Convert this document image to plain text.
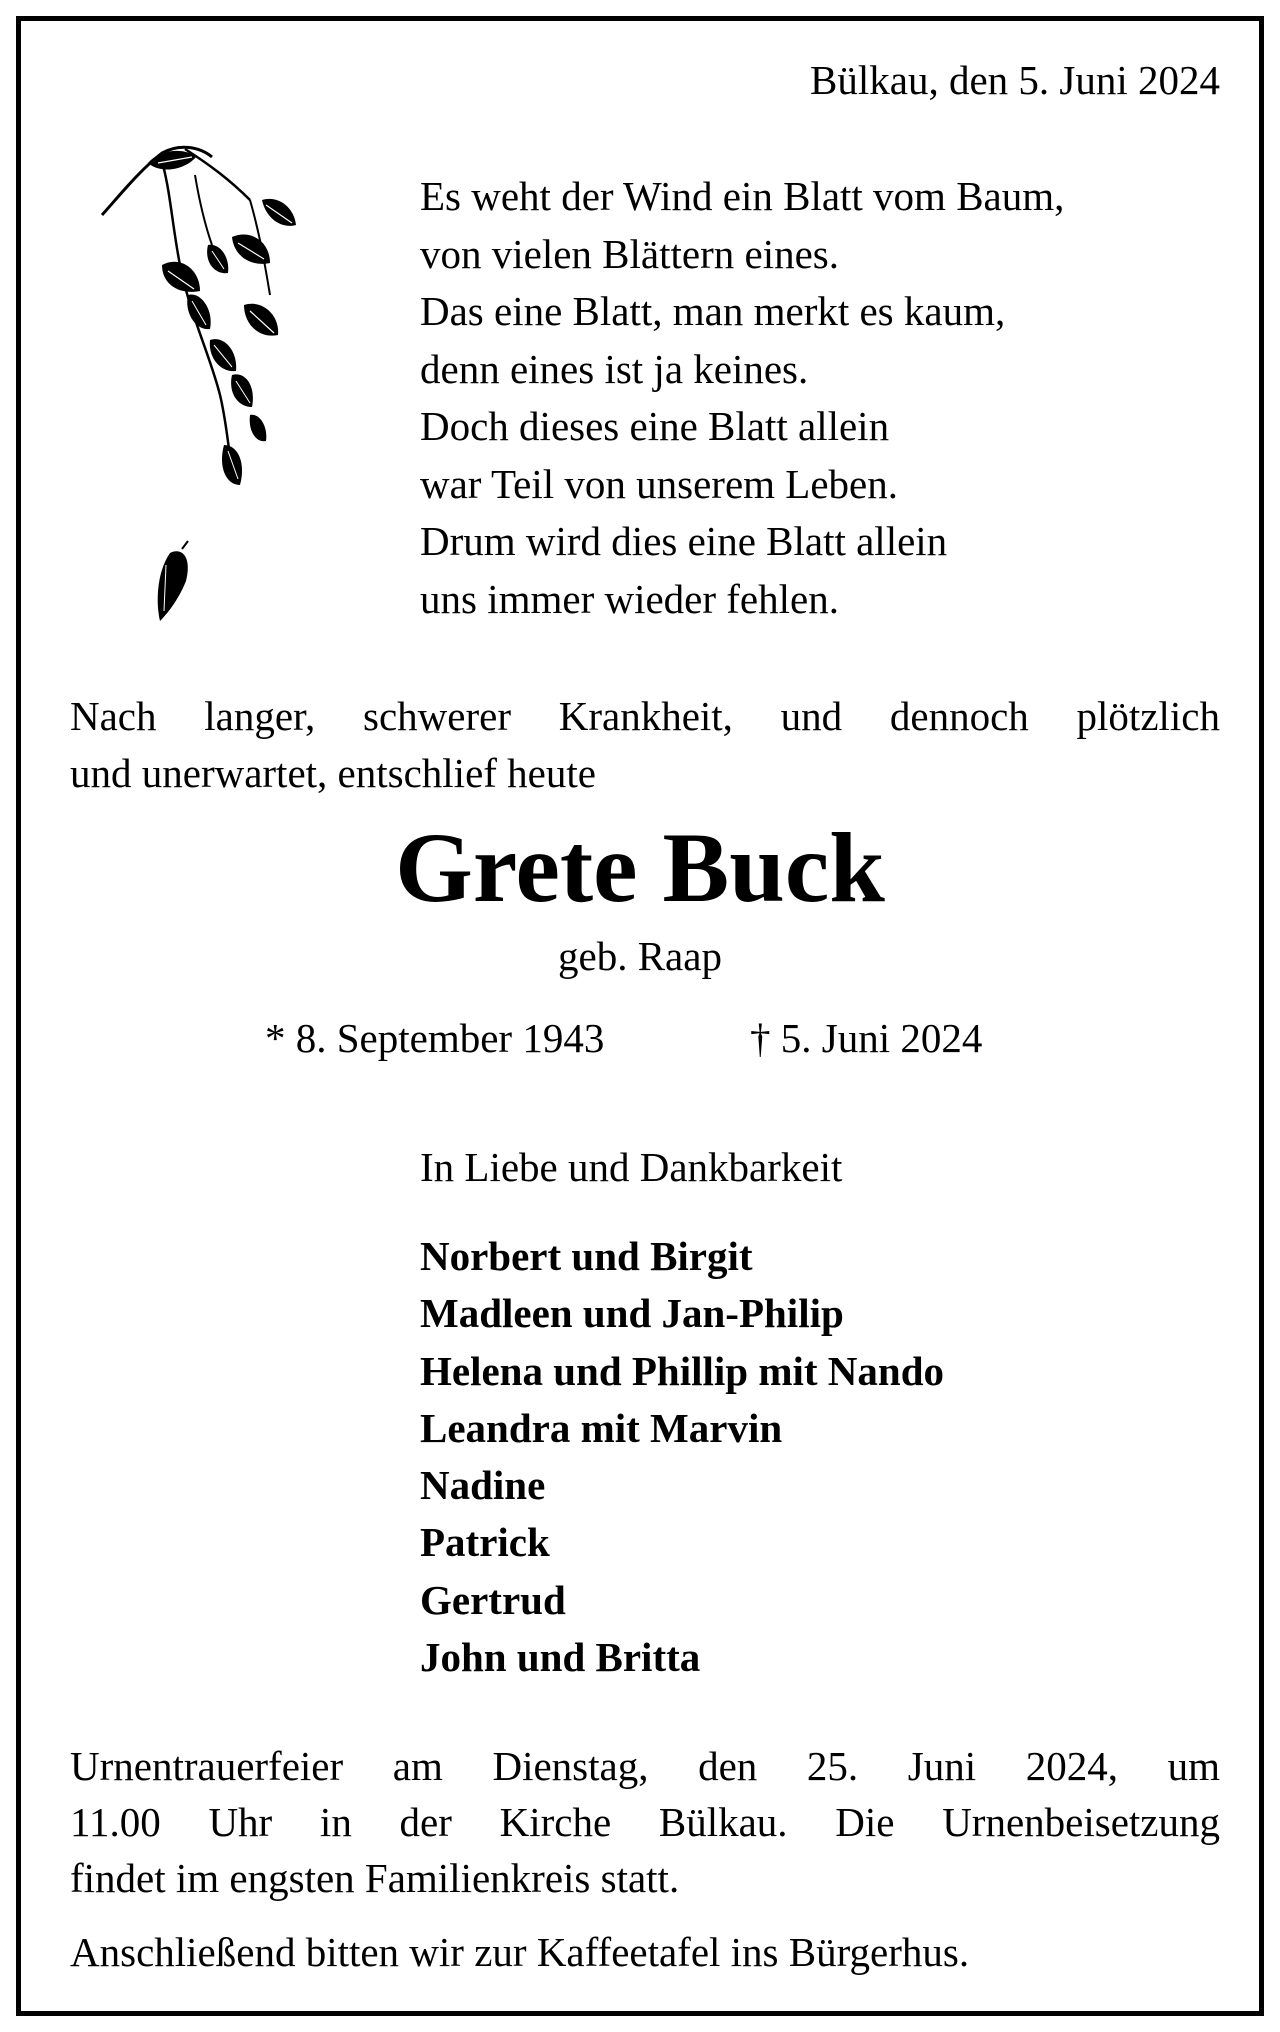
Bülkau, den 5. Juni 2024
Es weht der Wind ein Blatt vom Baum,
von vielen Blättern eines.
Das eine Blatt, man merkt es kaum,
denn eines ist ja keines.
Doch dieses eine Blatt allein
war Teil von unserem Leben.
Drum wird dies eine Blatt allein
uns immer wieder fehlen.
Nach langer, schwerer Krankheit, und dennoch plötzlich
und unerwartet, entschlief heute
Grete Buck
geb. Raap
* 8. September 1943	† 5. Juni 2024
In Liebe und Dankbarkeit
Norbert und Birgit
Madleen und Jan-Philip
Helena und Phillip mit Nando
Leandra mit Marvin
Nadine
Patrick
Gertrud
John und Britta
Urnentrauerfeier am Dienstag, den 25. Juni 2024, um
11.00 Uhr in der Kirche Bülkau. Die Urnenbeisetzung
findet im engsten Familienkreis statt.
Anschließend bitten wir zur Kaffeetafel ins Bürgerhus.
